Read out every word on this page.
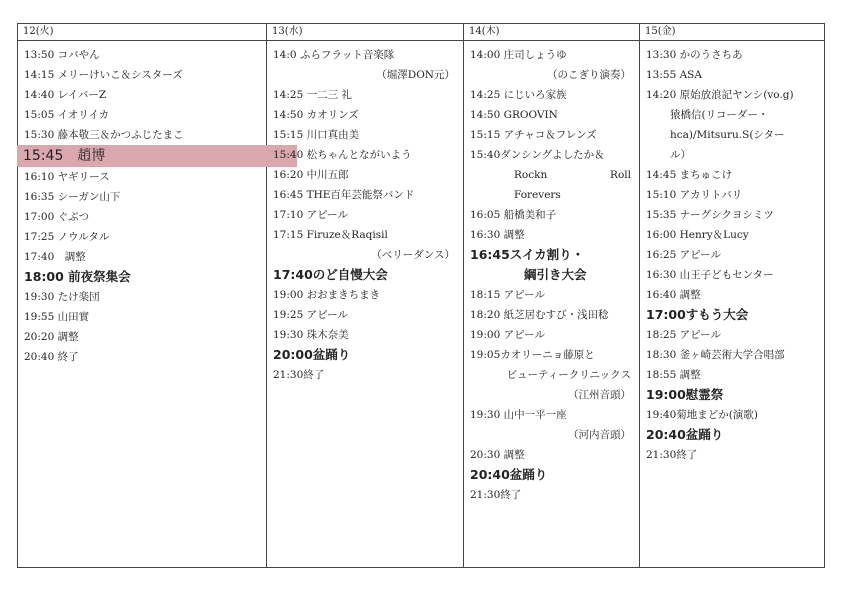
12(火)
13:50 コバやん
14:15 メリーけいこ＆シスターズ
14:40 レイバーZ
15:05 イオリイカ
15:30 藤本敬三＆かつふじたまこ
15:45　趙博
16:10 ヤギリース
16:35 シーガン山下
17:00 ぐぶつ
17:25 ノウルタル
17:40　調整
18:00 前夜祭集会
19:30 たけ楽団
19:55 山田實
20:20 調整
20:40 終了
13(水)
14:0 ふらフラット音楽隊
（堀澤DON元）
14:25 一二三 礼
14:50 カオリンズ
15:15 川口真由美
15:40 松ちゃんとながいよう
16:20 中川五郎
16:45 THE百年芸能祭バンド
17:10 アピール
17:15 Firuze＆Raqisil
（ベリーダンス）
17:40のど自慢大会
19:00 おおまきちまき
19:25 アピール
19:30 珠木奈美
20:00盆踊り
21:30終了
14(木)
14:00 庄司しょうゆ
（のこぎり演奏）
14:25 にじいろ家族
14:50 GROOVIN
15:15 アチャコ＆フレンズ
15:40ダンシングよしたか＆
Rockn	Roll
Forevers
16:05 船橋美和子
16:30 調整
16:45スイカ割り・
綱引き大会
18:15 アピール
18:20 紙芝居むすび・浅田稔
19:00 アピール
19:05カオリーニョ藤原と
ビューティークリニックス
（江州音頭）
19:30 山中一平一座
（河内音頭）
20:30 調整
20:40盆踊り
21:30終了
15(金)
13:30 かのうさちあ
13:55 ASA
14:20 原始放浪記ヤンシ(vo.g)
猿橋信(リコーダー・
hca)/Mitsuru.S(シター
ル）
14:45 まちゅこけ
15:10 アカリトバリ
15:35 ナーグシクヨシミツ
16:00 Henry＆Lucy
16:25 アピール
16:30 山王子どもセンター
16:40 調整
17:00すもう大会
18:25 アピール
18:30 釜ヶ崎芸術大学合唱部
18:55 調整
19:00慰霊祭
19:40菊地まどか(演歌)
20:40盆踊り
21:30終了
